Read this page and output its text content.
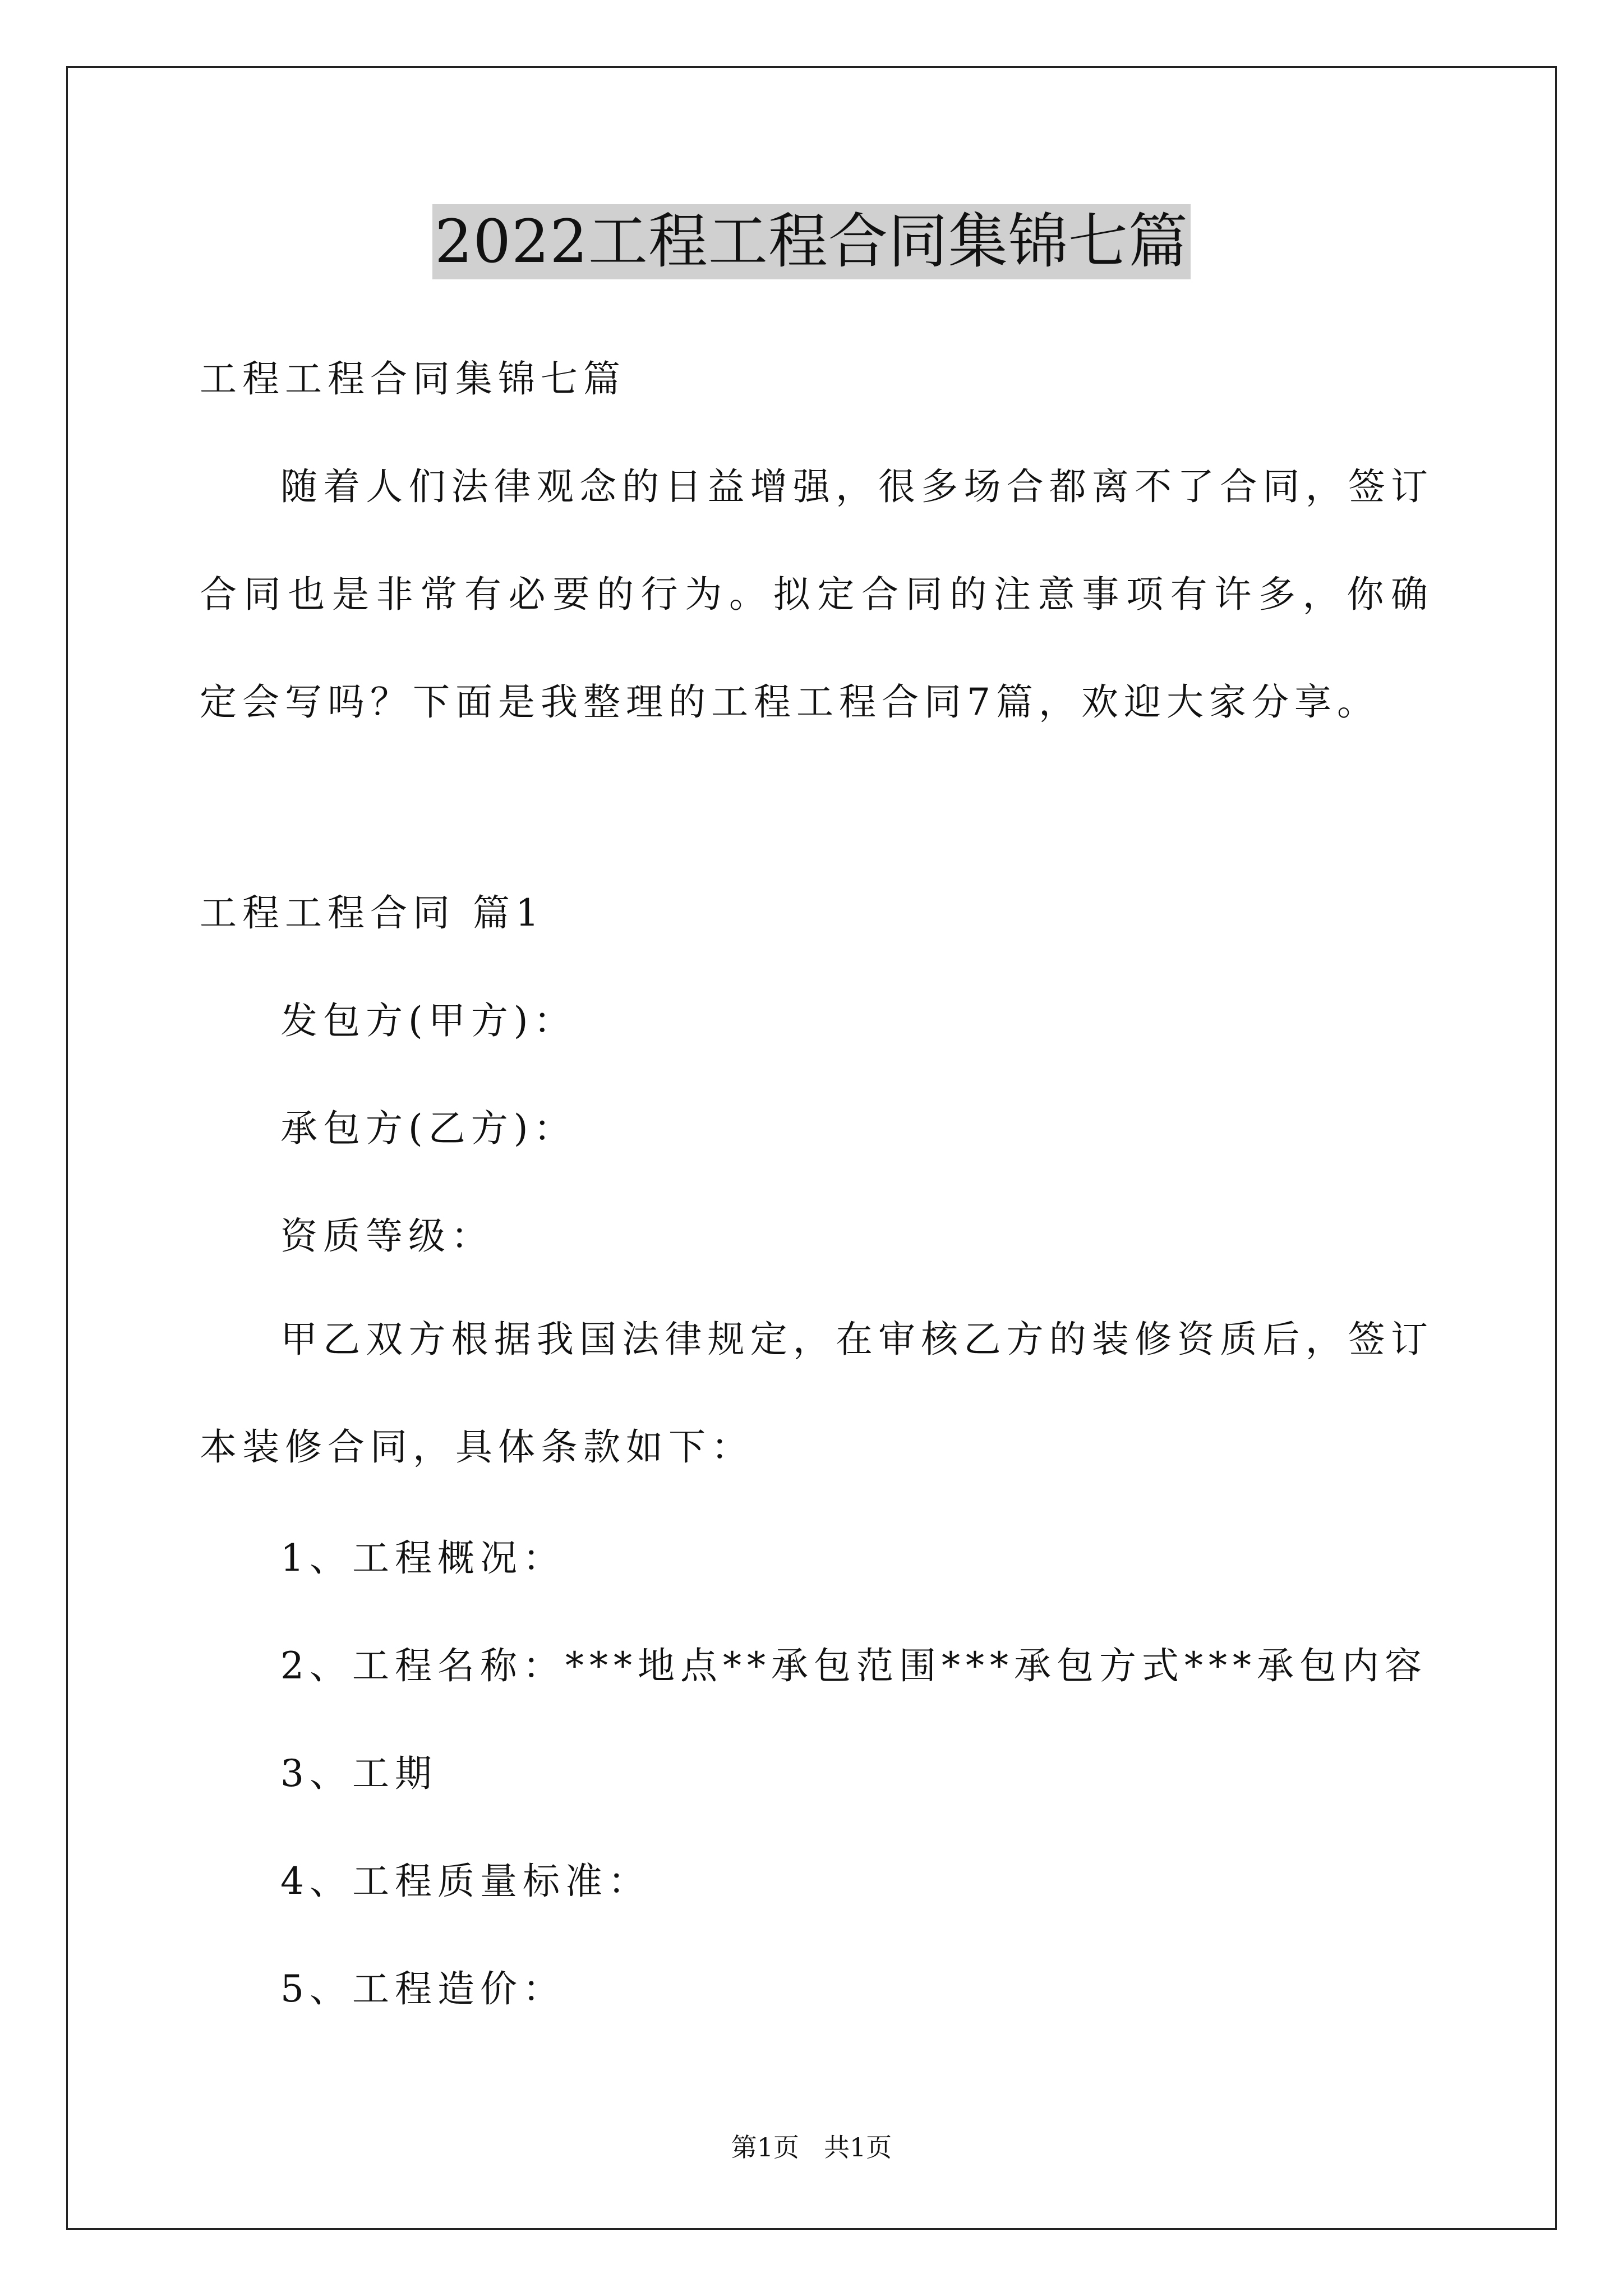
2022工程工程合同集锦七篇
工程工程合同集锦七篇
随着人们法律观念的日益增强，很多场合都离不了合同，签订合同也是非常有必要的行为。拟定合同的注意事项有许多，你确定会写吗？下面是我整理的工程工程合同7篇，欢迎大家分享。
工程工程合同 篇1
发包方(甲方)：
承包方(乙方)：
资质等级：
甲乙双方根据我国法律规定，在审核乙方的装修资质后，签订本装修合同，具体条款如下：
1、工程概况：
2、工程名称：***地点**承包范围***承包方式***承包内容
3、工期
4、工程质量标准：
5、工程造价：
第1页 共1页
